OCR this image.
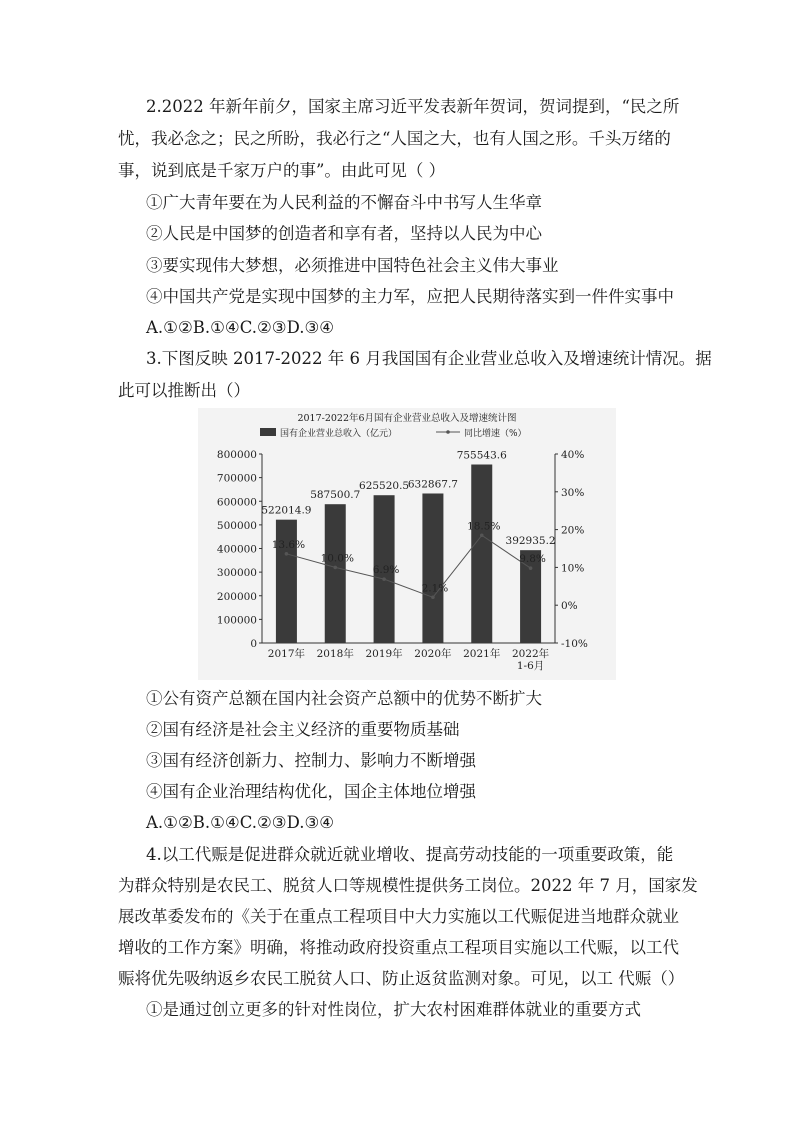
2.2022 年新年前夕，国家主席习近平发表新年贺词，贺词提到，“民之所
忧，我必念之；民之所盼，我必行之“人国之大，也有人国之形。千头万绪的
事，说到底是千家万户的事”。由此可见（ ）
①广大青年要在为人民利益的不懈奋斗中书写人生华章
②人民是中国梦的创造者和享有者，坚持以人民为中心
③要实现伟大梦想，必须推进中国特色社会主义伟大事业
④中国共产党是实现中国梦的主力军，应把人民期待落实到一件件实事中
A.①②B.①④C.②③D.③④
3.下图反映 2017-2022 年 6 月我国国有企业营业总收入及增速统计情况。据
此可以推断出（）
2017-2022年6月国有企业营业总收入及增速统计图
国有企业营业总收入（亿元）	同比增速（%）
0
100000
200000
300000
400000
500000
600000
700000
800000
-10%
0%
10%
20%
30%
40%
522014.9
587500.7
625520.5
632867.7
755543.6
392935.2
13.6%
10.0%
6.9%
2.1%
18.5%
9.8%
2017年 2018年 2019年 2020年 2021年 2022年
1-6月
①公有资产总额在国内社会资产总额中的优势不断扩大
②国有经济是社会主义经济的重要物质基础
③国有经济创新力、控制力、影响力不断增强
④国有企业治理结构优化，国企主体地位增强
A.①②B.①④C.②③D.③④
4.以工代赈是促进群众就近就业增收、提高劳动技能的一项重要政策，能
为群众特别是农民工、脱贫人口等规模性提供务工岗位。2022 年 7 月，国家发
展改革委发布的《关于在重点工程项目中大力实施以工代赈促进当地群众就业
增收的工作方案》明确，将推动政府投资重点工程项目实施以工代赈，以工代
赈将优先吸纳返乡农民工脱贫人口、防止返贫监测对象。可见，以工 代赈（）
①是通过创立更多的针对性岗位，扩大农村困难群体就业的重要方式
